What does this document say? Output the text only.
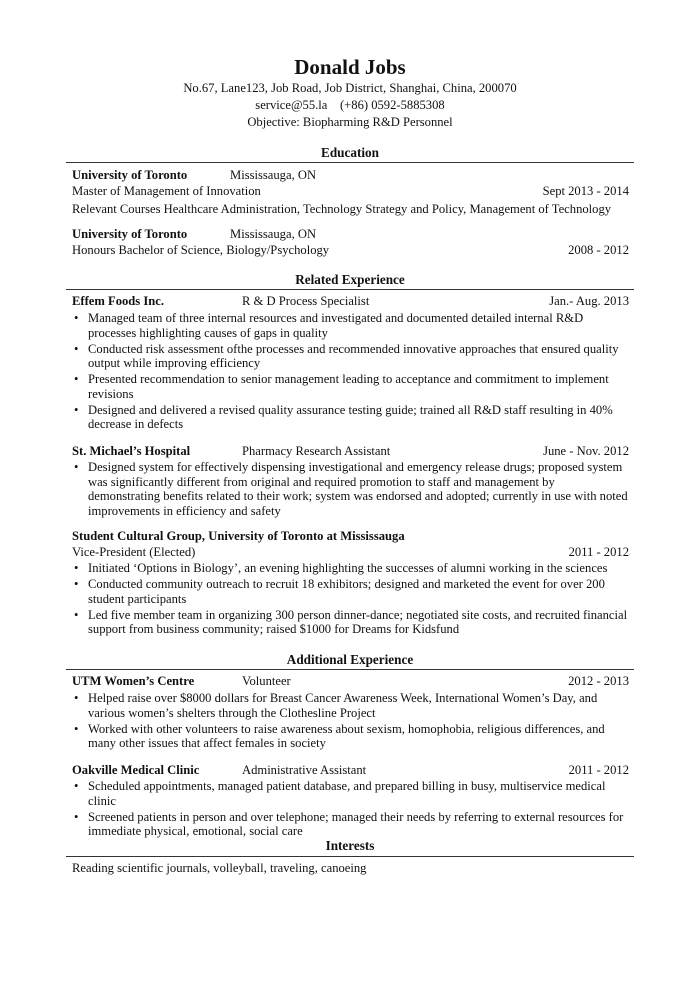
Donald Jobs
No.67, Lane123, Job Road, Job District, Shanghai, China, 200070
service@55.la (+86) 0592-5885308
Objective: Biopharming R&D Personnel
Education
University of Toronto	Mississauga, ON
Master of Management of Innovation	Sept 2013 - 2014
Relevant Courses Healthcare Administration, Technology Strategy and Policy, Management of Technology
University of Toronto	Mississauga, ON
Honours Bachelor of Science, Biology/Psychology	2008 - 2012
Related Experience
Effem Foods Inc.	R & D Process Specialist	Jan.- Aug. 2013
• Managed team of three internal resources and investigated and documented detailed internal R&D processes highlighting causes of gaps in quality
• Conducted risk assessment ofthe processes and recommended innovative approaches that ensured quality output while improving efficiency
• Presented recommendation to senior management leading to acceptance and commitment to implement revisions
• Designed and delivered a revised quality assurance testing guide; trained all R&D staff resulting in 40% decrease in defects
St. Michael’s Hospital	Pharmacy Research Assistant	June - Nov. 2012
• Designed system for effectively dispensing investigational and emergency release drugs; proposed system was significantly different from original and required promotion to staff and management by demonstrating benefits related to their work; system was endorsed and adopted; currently in use with noted improvements in efficiency and safety
Student Cultural Group, University of Toronto at Mississauga
Vice-President (Elected)	2011 - 2012
• Initiated ‘Options in Biology’, an evening highlighting the successes of alumni working in the sciences
• Conducted community outreach to recruit 18 exhibitors; designed and marketed the event for over 200 student participants
• Led five member team in organizing 300 person dinner-dance; negotiated site costs, and recruited financial support from business community; raised $1000 for Dreams for Kidsfund
Additional Experience
UTM Women’s Centre	Volunteer	2012 - 2013
• Helped raise over $8000 dollars for Breast Cancer Awareness Week, International Women’s Day, and various women’s shelters through the Clothesline Project
• Worked with other volunteers to raise awareness about sexism, homophobia, religious differences, and many other issues that affect females in society
Oakville Medical Clinic	Administrative Assistant	2011 - 2012
• Scheduled appointments, managed patient database, and prepared billing in busy, multiservice medical clinic
• Screened patients in person and over telephone; managed their needs by referring to external resources for immediate physical, emotional, social care
Interests
Reading scientific journals, volleyball, traveling, canoeing
